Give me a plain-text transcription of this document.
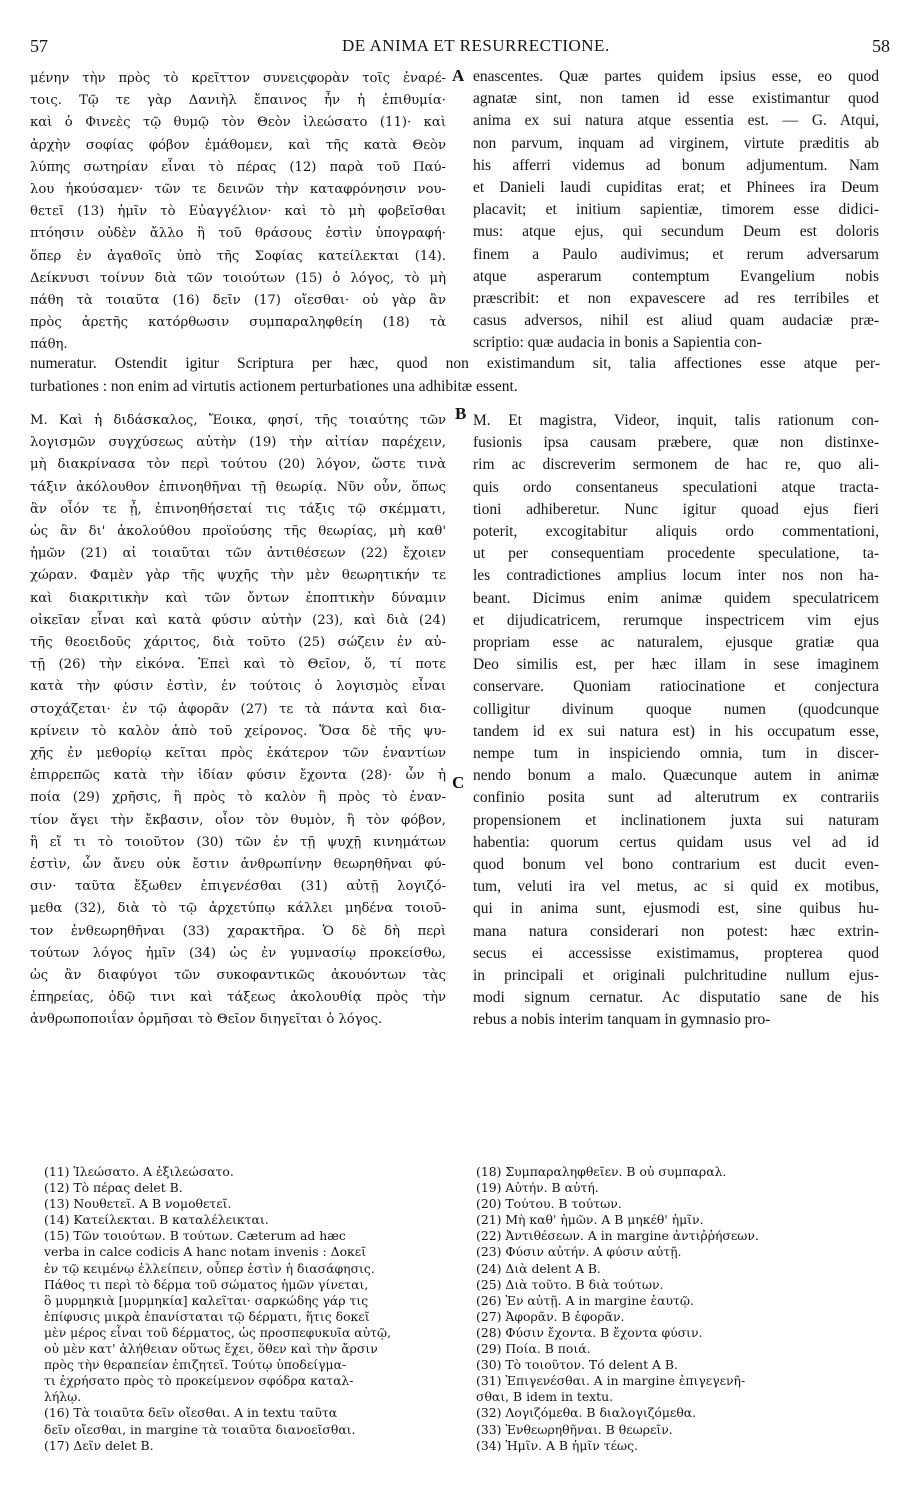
57	DE ANIMA ET RESURRECTIONE.	58
μένην τὴν πρὸς τὸ κρεῖττον συνειςφορὰν τοῖς ἐναρέ-
τοις. Τῷ τε γὰρ Δανιὴλ ἔπαινος ἦν ἡ ἐπιθυμία·
καὶ ὁ Φινεὲς τῷ θυμῷ τὸν Θεὸν ἱλεώσατο (11)· καὶ
ἀρχὴν σοφίας φόβον ἐμάθομεν, καὶ τῆς κατὰ Θεὸν
λύπης σωτηρίαν εἶναι τὸ πέρας (12) παρὰ τοῦ Παύ-
λου ἠκούσαμεν· τῶν τε δεινῶν τὴν καταφρόνησιν νου-
θετεῖ (13) ἡμῖν τὸ Εὐαγγέλιον· καὶ τὸ μὴ φοβεῖσθαι
πτόησιν οὐδὲν ἄλλο ἢ τοῦ θράσους ἐστὶν ὑπογραφή·
ὅπερ ἐν ἀγαθοῖς ὑπὸ τῆς Σοφίας κατείλεκται (14).
Δείκνυσι τοίνυν διὰ τῶν τοιούτων (15) ὁ λόγος, τὸ μὴ
πάθη τὰ τοιαῦτα (16) δεῖν (17) οἴεσθαι· οὐ γὰρ ἂν
πρὸς ἀρετῆς κατόρθωσιν συμπαραληφθείη (18) τὰ
πάθη.
A enascentes. Quæ partes quidem ipsius esse, eo quod
agnatæ sint, non tamen id esse existimantur quod
anima ex sui natura atque essentia est. — G. Atqui,
non parvum, inquam ad virginem, virtute præditis ab
his afferri videmus ad bonum adjumentum. Nam
et Danieli laudi cupiditas erat; et Phinees ira Deum
placavit; et initium sapientiæ, timorem esse didici-
mus: atque ejus, qui secundum Deum est doloris
finem a Paulo audivimus; et rerum adversarum
atque asperarum contemptum Evangelium nobis
præscribit: et non expavescere ad res terribiles et
casus adversos, nihil est aliud quam audaciæ præ-
scriptio: quæ audacia in bonis a Sapientia con-
numeratur. Ostendit igitur Scriptura per hæc, quod non existimandum sit, talia affectiones esse atque per-
turbationes : non enim ad virtutis actionem perturbationes una adhibitæ essent.
Μ. Καὶ ἡ διδάσκαλος, Ἔοικα, φησί, τῆς τοιαύτης τῶν
λογισμῶν συγχύσεως αὐτὴν (19) τὴν αἰτίαν παρέχειν,
μὴ διακρίνασα τὸν περὶ τούτου (20) λόγον, ὥστε τινὰ
τάξιν ἀκόλουθον ἐπινοηθῆναι τῇ θεωρίᾳ. Νῦν οὖν, ὅπως
ἂν οἷόν τε ᾖ, ἐπινοηθήσεταί τις τάξις τῷ σκέμματι,
ὡς ἂν δι' ἀκολούθου προϊούσης τῆς θεωρίας, μὴ καθ'
ἡμῶν (21) αἱ τοιαῦται τῶν ἀντιθέσεων (22) ἔχοιεν
χώραν. Φαμὲν γὰρ τῆς ψυχῆς τὴν μὲν θεωρητικήν τε
καὶ διακριτικὴν καὶ τῶν ὄντων ἐποπτικὴν δύναμιν
οἰκεῖαν εἶναι καὶ κατὰ φύσιν αὐτὴν (23), καὶ διὰ (24)
τῆς θεοειδοῦς χάριτος, διὰ τοῦτο (25) σώζειν ἐν αὐ-
τῇ (26) τὴν εἰκόνα. Ἐπεὶ καὶ τὸ Θεῖον, ὅ, τί ποτε
κατὰ τὴν φύσιν ἐστὶν, ἐν τούτοις ὁ λογισμὸς εἶναι
στοχάζεται· ἐν τῷ ἀφορᾶν (27) τε τὰ πάντα καὶ δια-
κρίνειν τὸ καλὸν ἀπὸ τοῦ χείρονος. Ὅσα δὲ τῆς ψυ-
χῆς ἐν μεθορίῳ κεῖται πρὸς ἑκάτερον τῶν ἐναντίων
ἐπιρρεπῶς κατὰ τὴν ἰδίαν φύσιν ἔχοντα (28)· ὧν ἡ
ποία (29) χρῆσις, ἢ πρὸς τὸ καλὸν ἢ πρὸς τὸ ἐναν-
τίον ἄγει τὴν ἔκβασιν, οἷον τὸν θυμὸν, ἢ τὸν φόβον,
ἢ εἴ τι τὸ τοιοῦτον (30) τῶν ἐν τῇ ψυχῇ κινημάτων
ἐστὶν, ὧν ἄνευ οὐκ ἔστιν ἀνθρωπίνην θεωρηθῆναι φύ-
σιν· ταῦτα ἔξωθεν ἐπιγενέσθαι (31) αὐτῇ λογιζό-
μεθα (32), διὰ τὸ τῷ ἀρχετύπῳ κάλλει μηδένα τοιοῦ-
τον ἐνθεωρηθῆναι (33) χαρακτῆρα. Ὁ δὲ δὴ περὶ
τούτων λόγος ἡμῖν (34) ὡς ἐν γυμνασίῳ προκείσθω,
ὡς ἂν διαφύγοι τῶν συκοφαντικῶς ἀκουόντων τὰς
ἐπηρείας, ὁδῷ τινι καὶ τάξεως ἀκολουθίᾳ πρὸς τὴν
ἀνθρωποποιΐαν ὁρμῆσαι τὸ Θεῖον διηγεῖται ὁ λόγος.
B
C
M. Et magistra, Videor, inquit, talis rationum con-
fusionis ipsa causam præbere, quæ non distinxe-
rim ac discreverim sermonem de hac re, quo ali-
quis ordo consentaneus speculationi atque tracta-
tioni adhiberetur. Nunc igitur quoad ejus fieri
poterit, excogitabitur aliquis ordo commentationi,
ut per consequentiam procedente speculatione, ta-
les contradictiones amplius locum inter nos non ha-
beant. Dicimus enim animæ quidem speculatricem
et dijudicatricem, rerumque inspectricem vim ejus
propriam esse ac naturalem, ejusque gratiæ qua
Deo similis est, per hæc illam in sese imaginem
conservare. Quoniam ratiocinatione et conjectura
colligitur divinum quoque numen (quodcunque
tandem id ex sui natura est) in his occupatum esse,
nempe tum in inspiciendo omnia, tum in discer-
nendo bonum a malo. Quæcunque autem in animæ
confinio posita sunt ad alterutrum ex contrariis
propensionem et inclinationem juxta sui naturam
habentia: quorum certus quidam usus vel ad id
quod bonum vel bono contrarium est ducit even-
tum, veluti ira vel metus, ac si quid ex motibus,
qui in anima sunt, ejusmodi est, sine quibus hu-
mana natura considerari non potest: hæc extrin-
secus ei accessisse existimamus, propterea quod
in principali et originali pulchritudine nullum ejus-
modi signum cernatur. Ac disputatio sane de his
rebus a nobis interim tanquam in gymnasio pro-
(11) Ἱλεώσατο. A ἐξιλεώσατο.
(12) Τὸ πέρας delet B.
(13) Νουθετεῖ. A B νομοθετεῖ.
(14) Κατείλεκται. B καταλέλεικται.
(15) Τῶν τοιούτων. B τούτων. Cæterum ad hæc
verba in calce codicis A hanc notam invenis : Δοκεῖ
ἐν τῷ κειμένῳ ἐλλείπειν, οὗπερ ἐστὶν ἡ διασάφησις.
Πάθος τι περὶ τὸ δέρμα τοῦ σώματος ἡμῶν γίνεται,
ὃ μυρμηκιὰ [μυρμηκία] καλεῖται· σαρκώδης γάρ τις
ἐπίφυσις μικρὰ ἐπανίσταται τῷ δέρματι, ἥτις δοκεῖ
μὲν μέρος εἶναι τοῦ δέρματος, ὡς προσπεφυκυῖα αὐτῷ,
οὐ μὲν κατ' ἀλήθειαν οὕτως ἔχει, ὅθεν καὶ τὴν ἄρσιν
πρὸς τὴν θεραπείαν ἐπιζητεῖ. Τούτῳ ὑποδείγμα-
τι ἐχρήσατο πρὸς τὸ προκείμενον σφόδρα καταλ-
λήλῳ.
(16) Τὰ τοιαῦτα δεῖν οἴεσθαι. A in textu ταῦτα
δεῖν οἴεσθαι, in margine τὰ τοιαῦτα διανοεῖσθαι.
(17) Δεῖν delet B.
(18) Συμπαραληφθεῖεν. B οὐ συμπαραλ.
(19) Αὐτήν. B αὐτή.
(20) Τούτου. B τούτων.
(21) Μὴ καθ' ἡμῶν. A B μηκέθ' ἡμῖν.
(22) Ἀντιθέσεων. A in margine ἀντιῤῥήσεων.
(23) Φύσιν αὐτήν. A φύσιν αὐτῇ.
(24) Διὰ delent A B.
(25) Διὰ τοῦτο. B διὰ τούτων.
(26) Ἐν αὐτῇ. A in margine ἑαυτῷ.
(27) Ἀφορᾶν. B ἐφορᾶν.
(28) Φύσιν ἔχοντα. B ἔχοντα φύσιν.
(29) Ποία. B ποιά.
(30) Τὸ τοιοῦτον. Τό delent A B.
(31) Ἐπιγενέσθαι. A in margine ἐπιγεγενῆ-
σθαι, B idem in textu.
(32) Λογιζόμεθα. B διαλογιζόμεθα.
(33) Ἐνθεωρηθῆναι. B θεωρεῖν.
(34) Ἡμῖν. A B ἡμῖν τέως.
